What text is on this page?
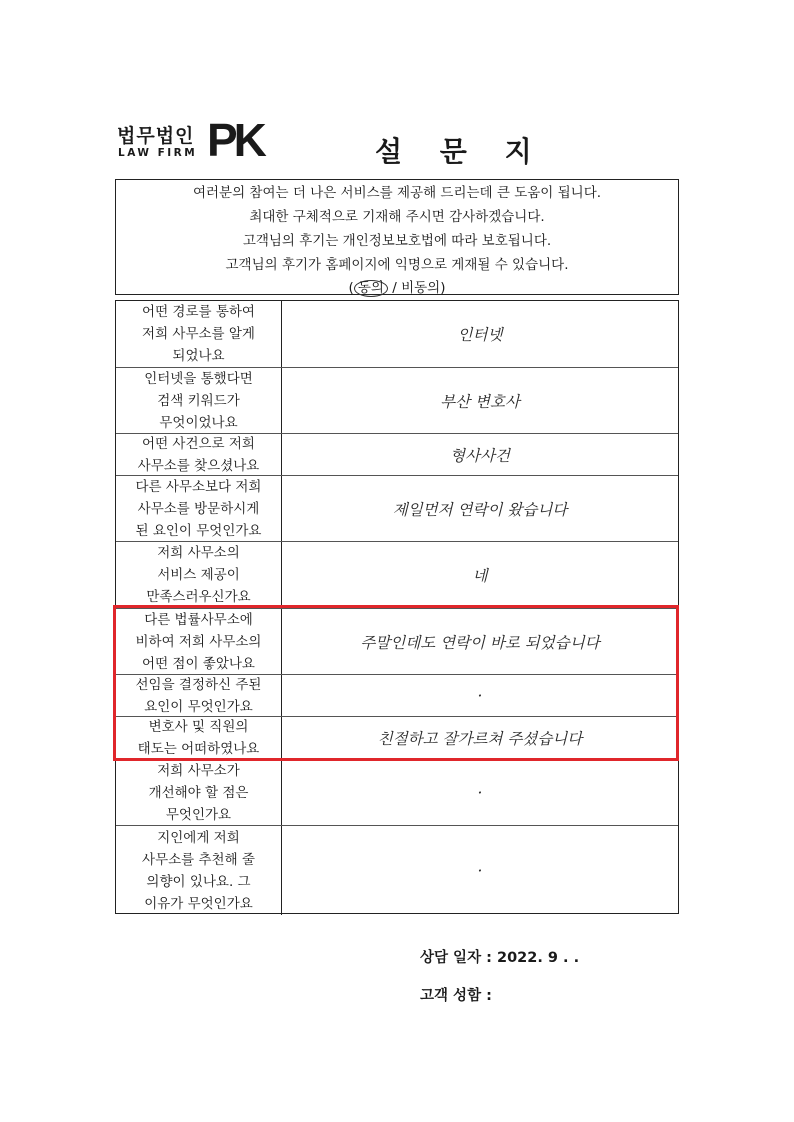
법무법인
LAW FIRM PK	설 문 지
여러분의 참여는 더 나은 서비스를 제공해 드리는데 큰 도움이 됩니다.
최대한 구체적으로 기재해 주시면 감사하겠습니다.
고객님의 후기는 개인정보보호법에 따라 보호됩니다.
고객님의 후기가 홈페이지에 익명으로 게재될 수 있습니다.
( 동의 / 비동의)
어떤 경로를 통하여
저희 사무소를 알게
되었나요
인터넷
인터넷을 통했다면
검색 키워드가
무엇이었나요
부산 변호사
어떤 사건으로 저희
사무소를 찾으셨나요
형사사건
다른 사무소보다 저희
사무소를 방문하시게
된 요인이 무엇인가요
제일먼저 연락이 왔습니다
저희 사무소의
서비스 제공이
만족스러우신가요
네
다른 법률사무소에
비하여 저희 사무소의
어떤 점이 좋았나요
주말인데도 연락이 바로 되었습니다
선임을 결정하신 주된
요인이 무엇인가요
·
변호사 및 직원의
태도는 어떠하였나요
친절하고 잘가르쳐 주셨습니다
저희 사무소가
개선해야 할 점은
무엇인가요
·
지인에게 저희
사무소를 추천해 줄
의향이 있나요. 그
이유가 무엇인가요
·
상담 일자 : 2022. 9 . .
고객 성함 :
